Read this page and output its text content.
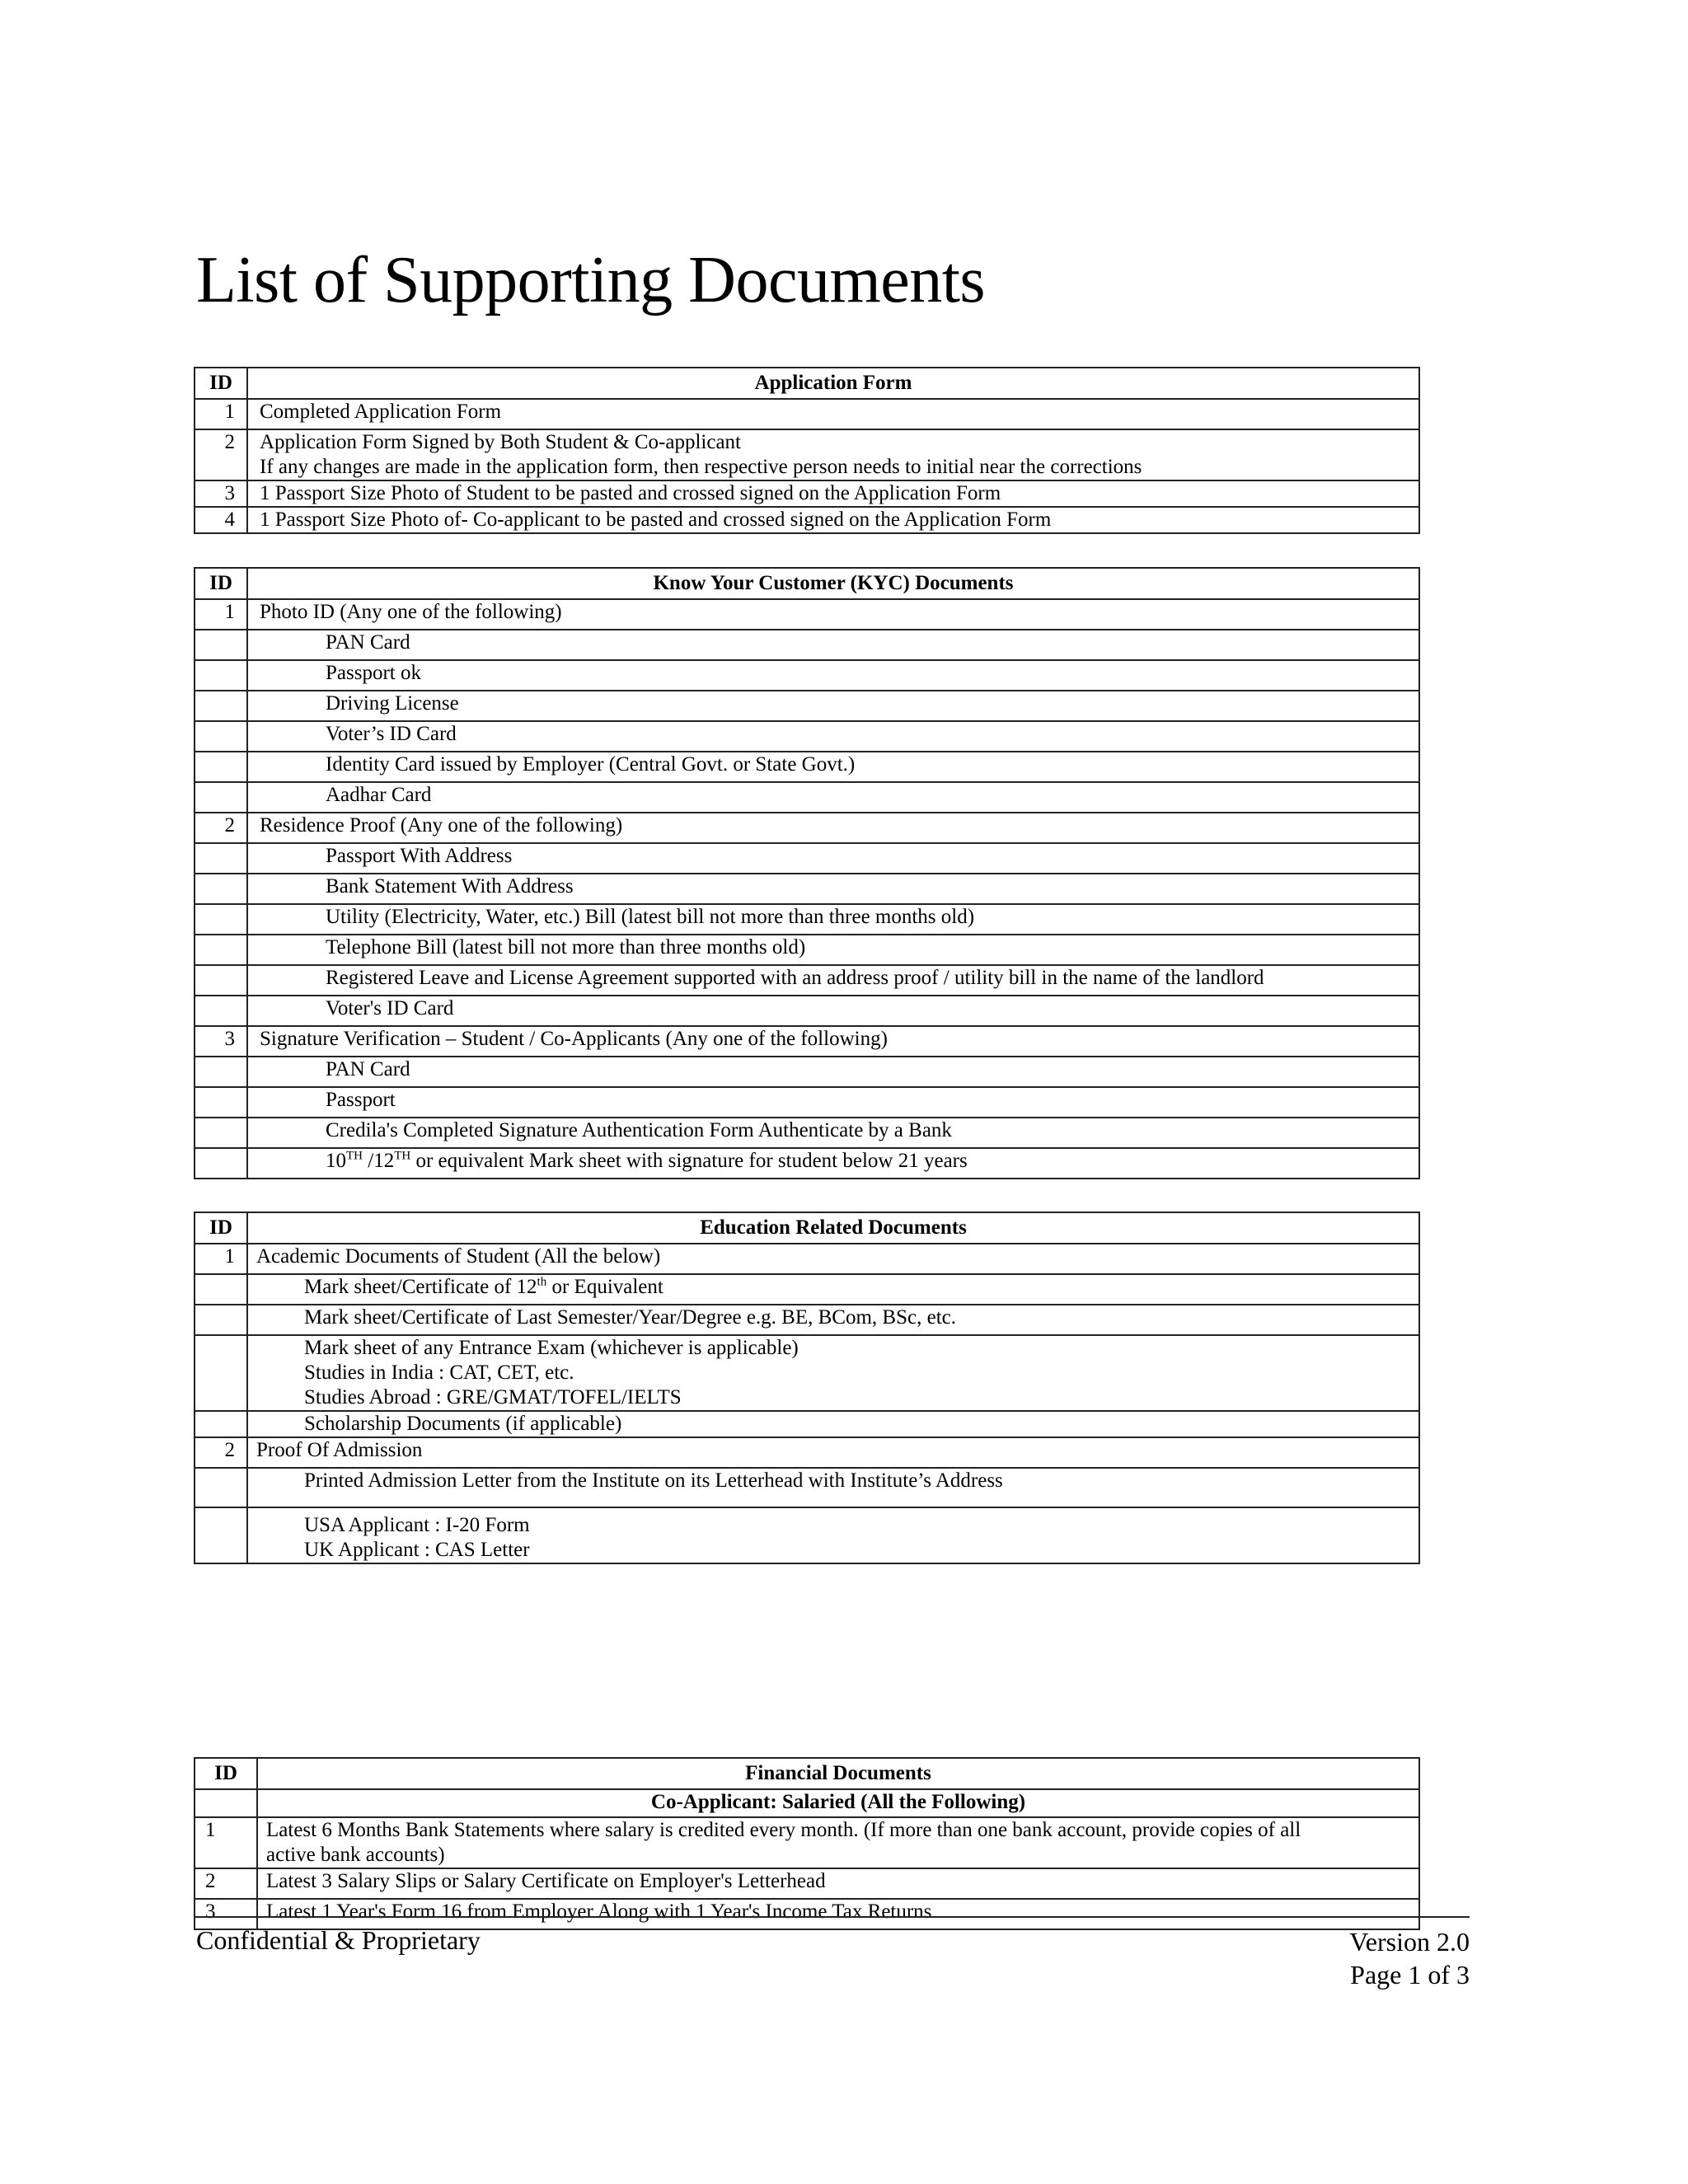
List of Supporting Documents
ID	Application Form
1	Completed Application Form
2	Application Form Signed by Both Student & Co-applicant
If any changes are made in the application form, then respective person needs to initial near the corrections

3	1 Passport Size Photo of Student to be pasted and crossed signed on the Application Form
4	1 Passport Size Photo of- Co-applicant to be pasted and crossed signed on the Application Form
ID	Know Your Customer (KYC) Documents
1	Photo ID (Any one of the following)

	PAN Card

	Passport ok

	Driving License

	Voter’s ID Card

	Identity Card issued by Employer (Central Govt. or State Govt.)

	Aadhar Card

2	Residence Proof (Any one of the following)

	Passport With Address

	Bank Statement With Address

	Utility (Electricity, Water, etc.) Bill (latest bill not more than three months old)

	Telephone Bill (latest bill not more than three months old)

	Registered Leave and License Agreement supported with an address proof / utility bill in the name of the landlord

	Voter's ID Card

3	Signature Verification – Student / Co-Applicants (Any one of the following)

	PAN Card

	Passport

	Credila's Completed Signature Authentication Form Authenticate by a Bank

	10TH /12TH or equivalent Mark sheet with signature for student below 21 years
ID	Education Related Documents
1	Academic Documents of Student (All the below)

	Mark sheet/Certificate of 12th or Equivalent

	Mark sheet/Certificate of Last Semester/Year/Degree e.g. BE, BCom, BSc, etc.

	Mark sheet of any Entrance Exam (whichever is applicable)
Studies in India : CAT, CET, etc.
Studies Abroad : GRE/GMAT/TOFEL/IELTS

	Scholarship Documents (if applicable)

2	Proof Of Admission

	Printed Admission Letter from the Institute on its Letterhead with Institute’s Address

	USA Applicant : I-20 Form
UK Applicant : CAS Letter
ID	Financial Documents
	Co-Applicant: Salaried (All the Following)
1	Latest 6 Months Bank Statements where salary is credited every month. (If more than one bank account, provide copies of all
active bank accounts)

2	Latest 3 Salary Slips or Salary Certificate on Employer's Letterhead
3	Latest 1 Year's Form 16 from Employer Along with 1 Year's Income Tax Returns
Confidential & Proprietary	Version 2.0
Page 1 of 3
